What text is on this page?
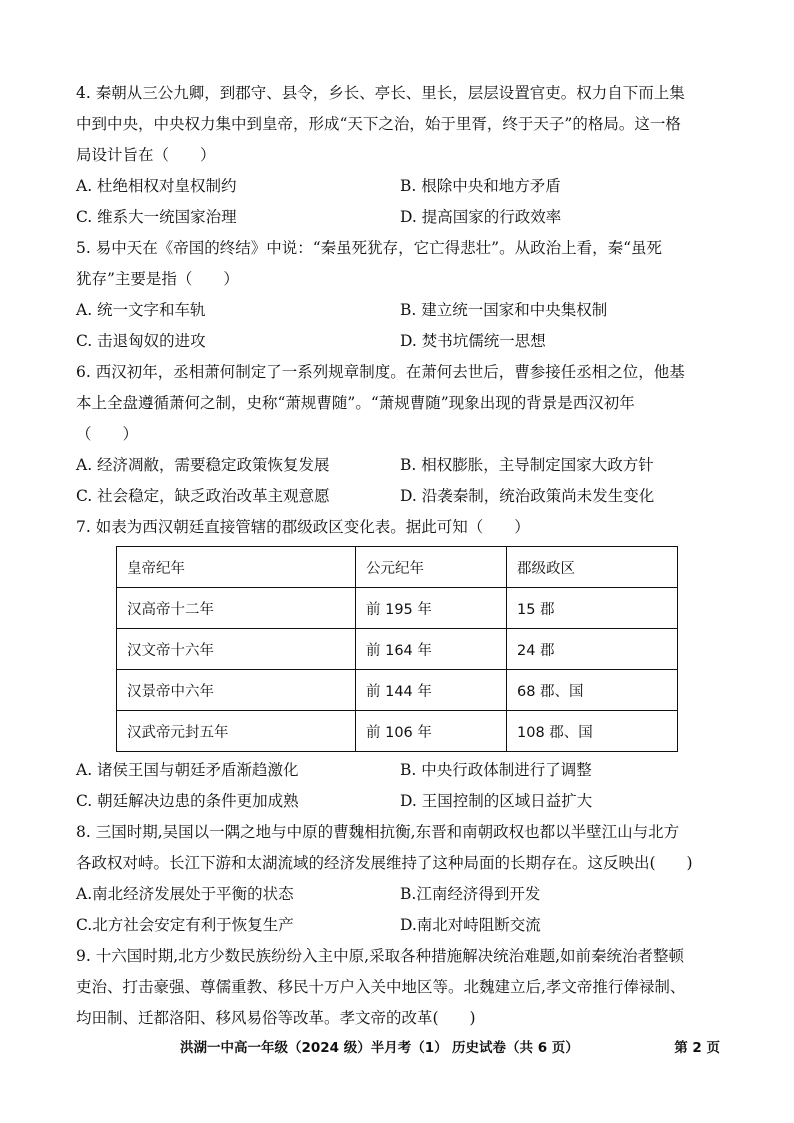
4. 秦朝从三公九卿，到郡守、县令，乡长、亭长、里长，层层设置官吏。权力自下而上集
中到中央，中央权力集中到皇帝，形成“天下之治，始于里胥，终于天子”的格局。这一格
局设计旨在（　　）
A. 杜绝相权对皇权制约	B. 根除中央和地方矛盾
C. 维系大一统国家治理	D. 提高国家的行政效率
5. 易中天在《帝国的终结》中说：“秦虽死犹存，它亡得悲壮”。从政治上看，秦“虽死
犹存”主要是指（　　）
A. 统一文字和车轨	B. 建立统一国家和中央集权制
C. 击退匈奴的进攻	D. 焚书坑儒统一思想
6. 西汉初年，丞相萧何制定了一系列规章制度。在萧何去世后，曹参接任丞相之位，他基
本上全盘遵循萧何之制，史称“萧规曹随”。“萧规曹随”现象出现的背景是西汉初年
（　　）
A. 经济凋敝，需要稳定政策恢复发展	B. 相权膨胀，主导制定国家大政方针
C. 社会稳定，缺乏政治改革主观意愿	D. 沿袭秦制，统治政策尚未发生变化
7. 如表为西汉朝廷直接管辖的郡级政区变化表。据此可知（　　）
皇帝纪年	公元纪年	郡级政区
汉高帝十二年	前 195 年	15 郡
汉文帝十六年	前 164 年	24 郡
汉景帝中六年	前 144 年	68 郡、国
汉武帝元封五年	前 106 年	108 郡、国
A. 诸侯王国与朝廷矛盾渐趋激化	B. 中央行政体制进行了调整
C. 朝廷解决边患的条件更加成熟	D. 王国控制的区域日益扩大
8. 三国时期,吴国以一隅之地与中原的曹魏相抗衡,东晋和南朝政权也都以半壁江山与北方
各政权对峙。长江下游和太湖流域的经济发展维持了这种局面的长期存在。这反映出(　　)
A.南北经济发展处于平衡的状态	B.江南经济得到开发
C.北方社会安定有利于恢复生产	D.南北对峙阻断交流
9. 十六国时期,北方少数民族纷纷入主中原,采取各种措施解决统治难题,如前秦统治者整顿
吏治、打击豪强、尊儒重教、移民十万户入关中地区等。北魏建立后,孝文帝推行俸禄制、
均田制、迁都洛阳、移风易俗等改革。孝文帝的改革(　　)
洪湖一中高一年级（2024 级）半月考（1） 历史试卷（共 6 页）	第 2 页
